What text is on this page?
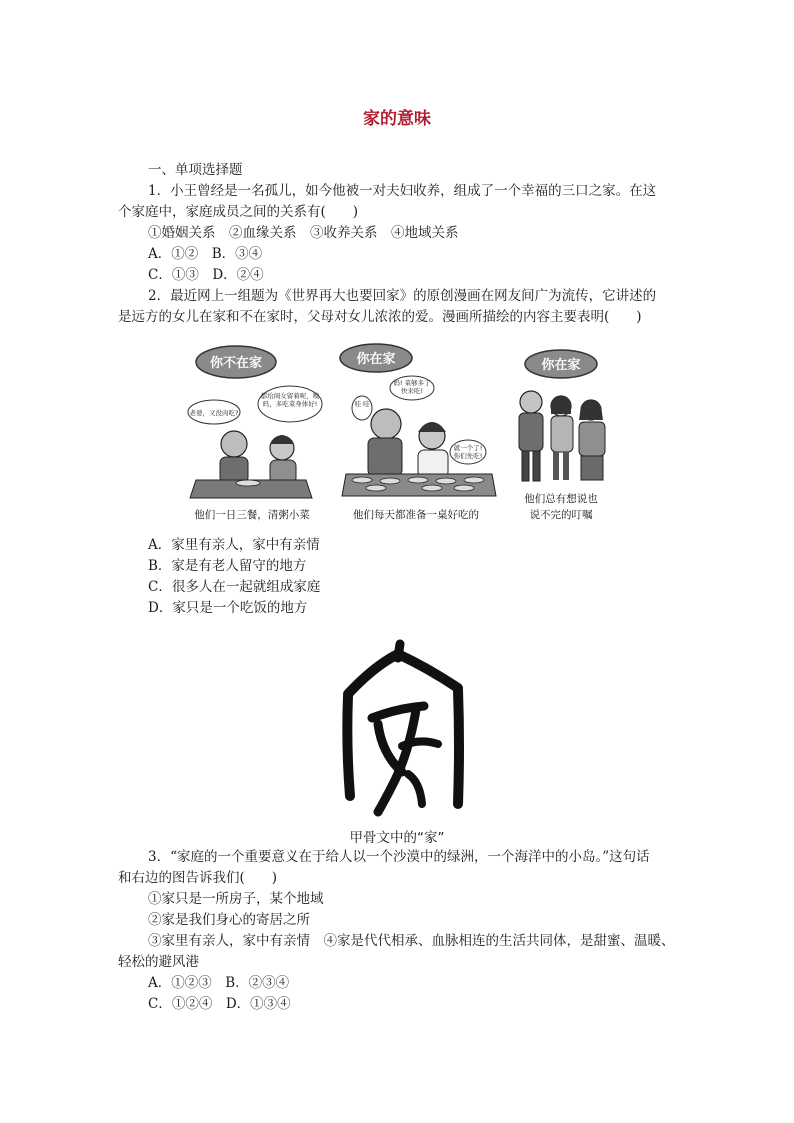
家的意味
一、单项选择题
1．小王曾经是一名孤儿，如今他被一对夫妇收养，组成了一个幸福的三口之家。在这
个家庭中，家庭成员之间的关系有(　　)
①婚姻关系　②血缘关系　③收养关系　④地域关系
A．①②　B．③④
C．①③　D．②④
2．最近网上一组题为《世界再大也要回家》的原创漫画在网友间广为流传，它讲述的
是远方的女儿在家和不在家时，父母对女儿浓浓的爱。漫画所描绘的内容主要表明(　　)
你不在家
老婆，又没肉吃?
都给闺女留着呢，嗅吗，多吃菜身体好!
他们一日三餐，清粥小菜
你在家
妈! 菜够多了 快来吃!
哇 哇
就一个了! 你们先吃!
他们每天都准备一桌好吃的
你在家
他们总有想说也
说不完的叮嘱
A．家里有亲人，家中有亲情
B．家是有老人留守的地方
C．很多人在一起就组成家庭
D．家只是一个吃饭的地方
甲骨文中的“家”
3．“家庭的一个重要意义在于给人以一个沙漠中的绿洲，一个海洋中的小岛。”这句话
和右边的图告诉我们(　　)
①家只是一所房子，某个地域
②家是我们身心的寄居之所
③家里有亲人，家中有亲情　④家是代代相承、血脉相连的生活共同体，是甜蜜、温暖、
轻松的避风港
A．①②③　B．②③④
C．①②④　D．①③④
